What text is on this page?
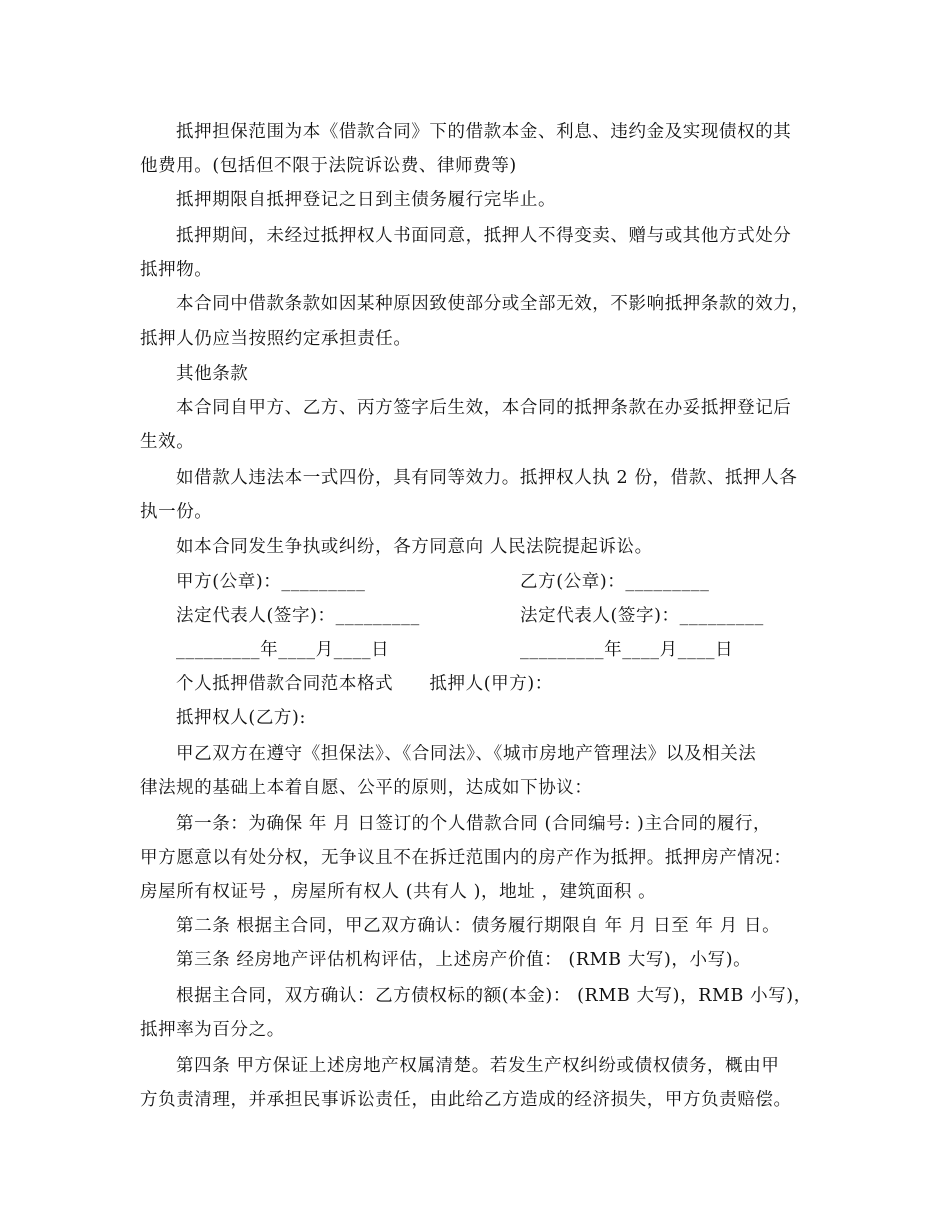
抵押担保范围为本《借款合同》下的借款本金、利息、违约金及实现债权的其
他费用。(包括但不限于法院诉讼费、律师费等)
抵押期限自抵押登记之日到主债务履行完毕止。
抵押期间，未经过抵押权人书面同意，抵押人不得变卖、赠与或其他方式处分
抵押物。
本合同中借款条款如因某种原因致使部分或全部无效，不影响抵押条款的效力，
抵押人仍应当按照约定承担责任。
其他条款
本合同自甲方、乙方、丙方签字后生效，本合同的抵押条款在办妥抵押登记后
生效。
如借款人违法本一式四份，具有同等效力。抵押权人执 2 份，借款、抵押人各
执一份。
如本合同发生争执或纠纷，各方同意向 人民法院提起诉讼。
甲方(公章)：_________	乙方(公章)：_________
法定代表人(签字)：_________	法定代表人(签字)：_________
_________年____月____日	_________年____月____日
个人抵押借款合同范本格式　　抵押人(甲方)：
抵押权人(乙方):
甲乙双方在遵守《担保法》、《合同法》、《城市房地产管理法》以及相关法
律法规的基础上本着自愿、公平的原则，达成如下协议：
第一条：为确保 年 月 日签订的个人借款合同 (合同编号: )主合同的履行，
甲方愿意以有处分权，无争议且不在拆迁范围内的房产作为抵押。抵押房产情况：
房屋所有权证号 ，房屋所有权人 (共有人 )，地址 ，建筑面积 。
第二条 根据主合同，甲乙双方确认：债务履行期限自 年 月 日至 年 月 日。
第三条 经房地产评估机构评估，上述房产价值： (RMB 大写)，小写)。
根据主合同，双方确认：乙方债权标的额(本金)： (RMB 大写)，RMB 小写)，
抵押率为百分之。
第四条 甲方保证上述房地产权属清楚。若发生产权纠纷或债权债务，概由甲
方负责清理，并承担民事诉讼责任，由此给乙方造成的经济损失，甲方负责赔偿。
